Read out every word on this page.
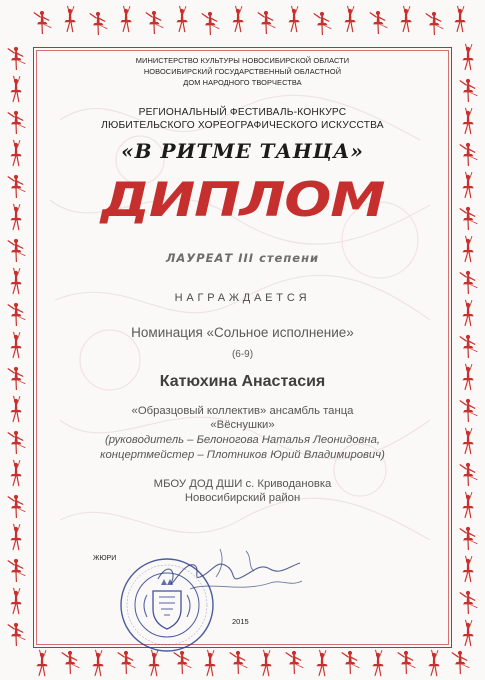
МИНИСТЕРСТВО КУЛЬТУРЫ НОВОСИБИРСКОЙ ОБЛАСТИ
НОВОСИБИРСКИЙ ГОСУДАРСТВЕННЫЙ ОБЛАСТНОЙ
ДОМ НАРОДНОГО ТВОРЧЕСТВА
РЕГИОНАЛЬНЫЙ ФЕСТИВАЛЬ-КОНКУРС
ЛЮБИТЕЛЬСКОГО ХОРЕОГРАФИЧЕСКОГО ИСКУССТВА
«В РИТМЕ ТАНЦА»
ДИПЛОМ
ЛАУРЕАТ III степени
НАГРАЖДАЕТСЯ
Номинация «Сольное исполнение»
(6-9)
Катюхина Анастасия
«Образцовый коллектив» ансамбль танца
«Вёснушки»
(руководитель – Белоногова Наталья Леонидовна,
концертмейстер – Плотников Юрий Владимирович)
МБОУ ДОД ДШИ с. Криводановка
Новосибирский район
ЖЮРИ
2015
